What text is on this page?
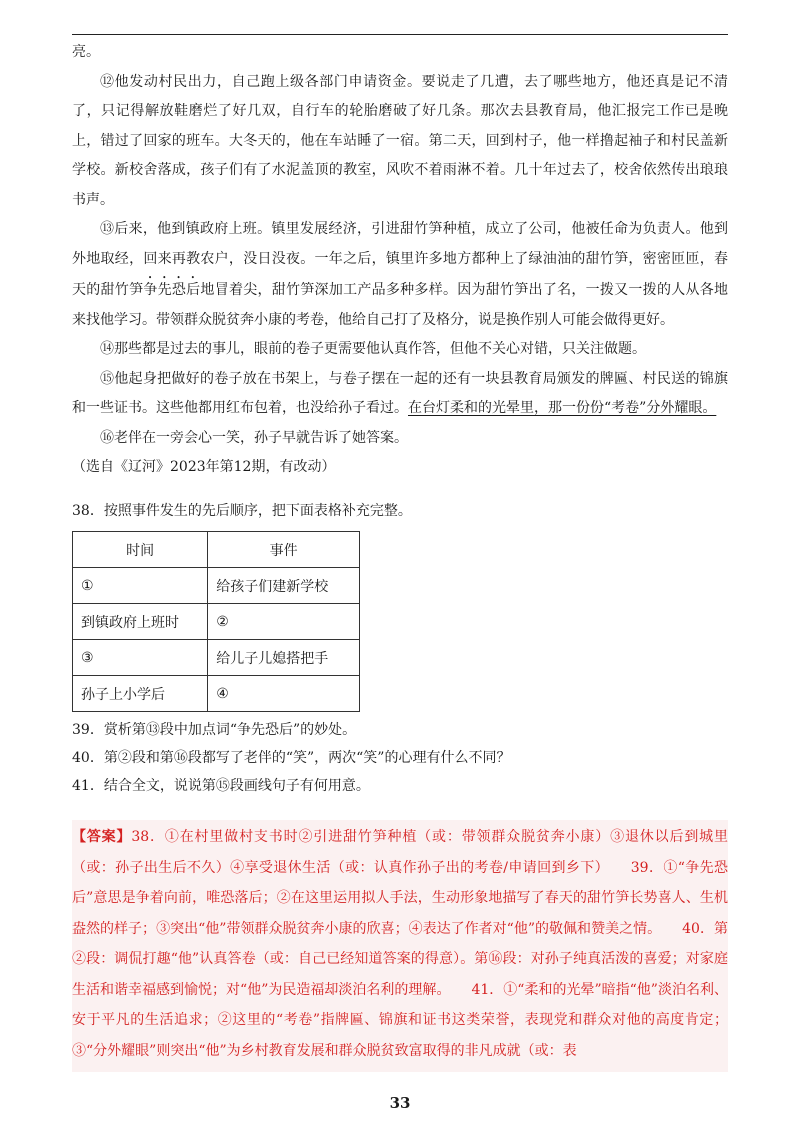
亮。

⑫他发动村民出力，自己跑上级各部门申请资金。要说走了几遭，去了哪些地方，他还真是记不清了，只记得解放鞋磨烂了好几双，自行车的轮胎磨破了好几条。那次去县教育局，他汇报完工作已是晚上，错过了回家的班车。大冬天的，他在车站睡了一宿。第二天，回到村子，他一样撸起袖子和村民盖新学校。新校舍落成，孩子们有了水泥盖顶的教室，风吹不着雨淋不着。几十年过去了，校舍依然传出琅琅书声。

⑬后来，他到镇政府上班。镇里发展经济，引进甜竹笋种植，成立了公司，他被任命为负责人。他到外地取经，回来再教农户，没日没夜。一年之后，镇里许多地方都种上了绿油油的甜竹笋，密密匝匝，春天的甜竹笋争先恐后地冒着尖，甜竹笋深加工产品多种多样。因为甜竹笋出了名，一拨又一拨的人从各地来找他学习。带领群众脱贫奔小康的考卷，他给自己打了及格分，说是换作别人可能会做得更好。

⑭那些都是过去的事儿，眼前的卷子更需要他认真作答，但他不关心对错，只关注做题。

⑮他起身把做好的卷子放在书架上，与卷子摆在一起的还有一块县教育局颁发的牌匾、村民送的锦旗和一些证书。这些他都用红布包着，也没给孙子看过。在台灯柔和的光晕里，那一份份“考卷”分外耀眼。

⑯老伴在一旁会心一笑，孙子早就告诉了她答案。

（选自《辽河》2023年第12期，有改动）

38．按照事件发生的先后顺序，把下面表格补充完整。

时间	事件
①	给孩子们建新学校
到镇政府上班时	②
③	给儿子儿媳搭把手
孙子上小学后	④

39．赏析第⑬段中加点词“争先恐后”的妙处。

40．第②段和第⑯段都写了老伴的“笑”，两次“笑”的心理有什么不同？

41．结合全文，说说第⑮段画线句子有何用意。

【答案】38．①在村里做村支书时②引进甜竹笋种植（或：带领群众脱贫奔小康）③退休以后到城里（或：孙子出生后不久）④享受退休生活（或：认真作孙子出的考卷/申请回到乡下）　　39．①“争先恐后”意思是争着向前，唯恐落后；②在这里运用拟人手法，生动形象地描写了春天的甜竹笋长势喜人、生机盎然的样子；③突出“他”带领群众脱贫奔小康的欣喜；④表达了作者对“他”的敬佩和赞美之情。　　40．第②段：调侃打趣“他”认真答卷（或：自己已经知道答案的得意）。第⑯段：对孙子纯真活泼的喜爱；对家庭生活和谐幸福感到愉悦；对“他”为民造福却淡泊名利的理解。　　41．①“柔和的光晕”暗指“他”淡泊名利、安于平凡的生活追求；②这里的“考卷”指牌匾、锦旗和证书这类荣誉，表现党和群众对他的高度肯定；③“分外耀眼”则突出“他”为乡村教育发展和群众脱贫致富取得的非凡成就（或：表
33
